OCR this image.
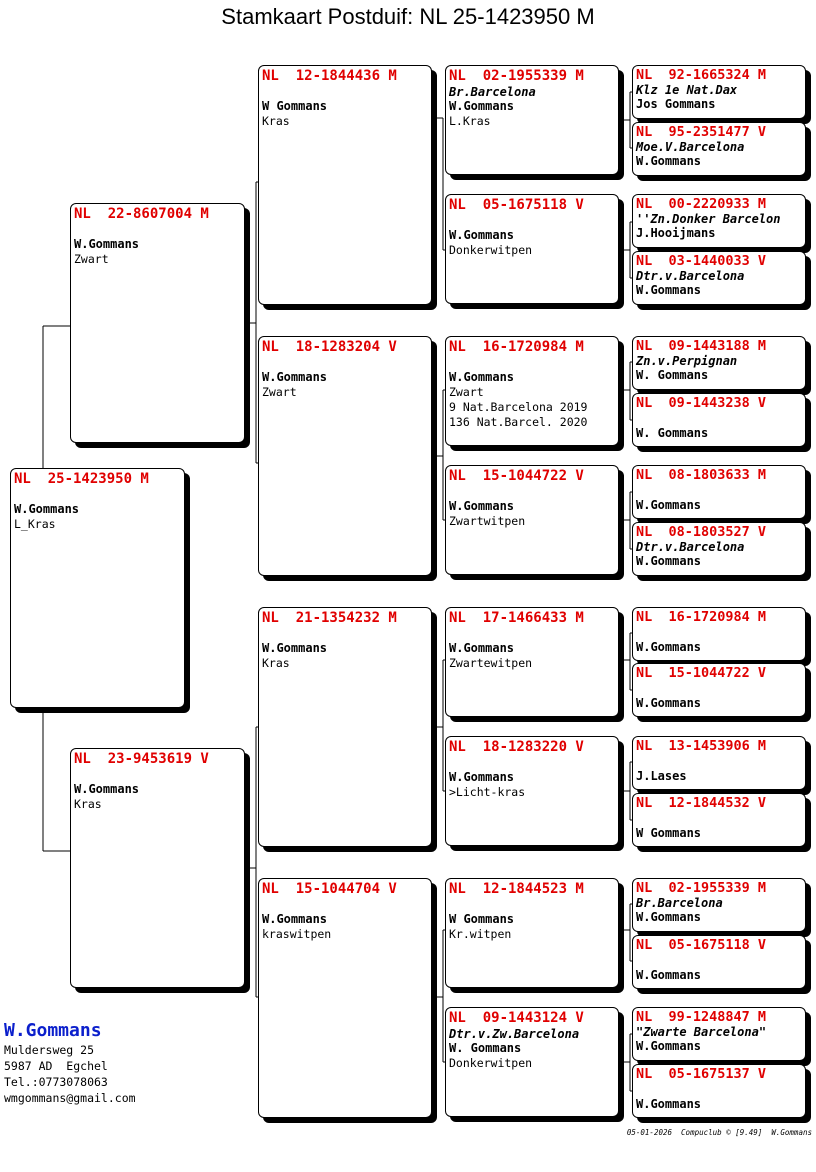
Stamkaart Postduif: NL 25-1423950 M
NL  25-1423950 M
W.Gommans
L_Kras
NL  22-8607004 M
W.Gommans
Zwart
NL  23-9453619 V
W.Gommans
Kras
NL  12-1844436 M
W Gommans
Kras
NL  18-1283204 V
W.Gommans
Zwart
NL  21-1354232 M
W.Gommans
Kras
NL  15-1044704 V
W.Gommans
kraswitpen
NL  02-1955339 M
Br.Barcelona
W.Gommans
L.Kras
NL  05-1675118 V
W.Gommans
Donkerwitpen
NL  16-1720984 M
W.Gommans
Zwart
9 Nat.Barcelona 2019
136 Nat.Barcel. 2020
NL  15-1044722 V
W.Gommans
Zwartwitpen
NL  17-1466433 M
W.Gommans
Zwartewitpen
NL  18-1283220 V
W.Gommans
>Licht-kras
NL  12-1844523 M
W Gommans
Kr.witpen
NL  09-1443124 V
Dtr.v.Zw.Barcelona
W. Gommans
Donkerwitpen
NL  92-1665324 M
Klz 1e Nat.Dax
Jos Gommans
NL  95-2351477 V
Moe.V.Barcelona
W.Gommans
NL  00-2220933 M
''Zn.Donker Barcelon
J.Hooijmans
NL  03-1440033 V
Dtr.v.Barcelona
W.Gommans
NL  09-1443188 M
Zn.v.Perpignan
W. Gommans
NL  09-1443238 V
W. Gommans
NL  08-1803633 M
W.Gommans
NL  08-1803527 V
Dtr.v.Barcelona
W.Gommans
NL  16-1720984 M
W.Gommans
NL  15-1044722 V
W.Gommans
NL  13-1453906 M
J.Lases
NL  12-1844532 V
W Gommans
NL  02-1955339 M
Br.Barcelona
W.Gommans
NL  05-1675118 V
W.Gommans
NL  99-1248847 M
"Zwarte Barcelona"
W.Gommans
NL  05-1675137 V
W.Gommans
W.Gommans
Muldersweg 25
5987 AD  Egchel
Tel.:0773078063
wmgommans@gmail.com
05-01-2026  Compuclub © [9.49]  W.Gommans
